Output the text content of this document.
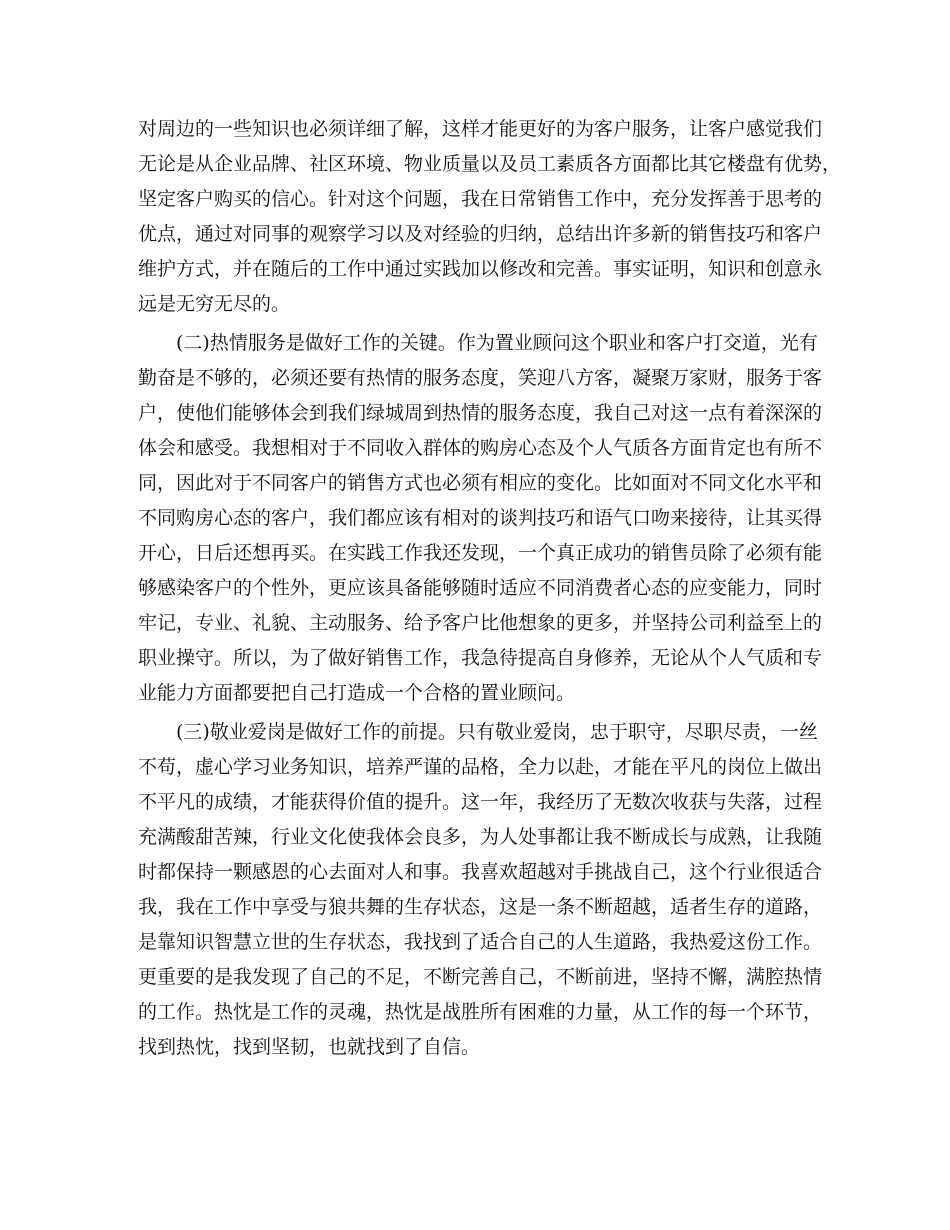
对周边的一些知识也必须详细了解，这样才能更好的为客户服务，让客户感觉我们
无论是从企业品牌、社区环境、物业质量以及员工素质各方面都比其它楼盘有优势，
坚定客户购买的信心。针对这个问题，我在日常销售工作中，充分发挥善于思考的
优点，通过对同事的观察学习以及对经验的归纳，总结出许多新的销售技巧和客户
维护方式，并在随后的工作中通过实践加以修改和完善。事实证明，知识和创意永
远是无穷无尽的。
　　(二)热情服务是做好工作的关键。作为置业顾问这个职业和客户打交道，光有
勤奋是不够的，必须还要有热情的服务态度，笑迎八方客，凝聚万家财，服务于客
户，使他们能够体会到我们绿城周到热情的服务态度，我自己对这一点有着深深的
体会和感受。我想相对于不同收入群体的购房心态及个人气质各方面肯定也有所不
同，因此对于不同客户的销售方式也必须有相应的变化。比如面对不同文化水平和
不同购房心态的客户，我们都应该有相对的谈判技巧和语气口吻来接待，让其买得
开心，日后还想再买。在实践工作我还发现，一个真正成功的销售员除了必须有能
够感染客户的个性外，更应该具备能够随时适应不同消费者心态的应变能力，同时
牢记，专业、礼貌、主动服务、给予客户比他想象的更多，并坚持公司利益至上的
职业操守。所以，为了做好销售工作，我急待提高自身修养，无论从个人气质和专
业能力方面都要把自己打造成一个合格的置业顾问。
　　(三)敬业爱岗是做好工作的前提。只有敬业爱岗，忠于职守，尽职尽责，一丝
不苟，虚心学习业务知识，培养严谨的品格，全力以赴，才能在平凡的岗位上做出
不平凡的成绩，才能获得价值的提升。这一年，我经历了无数次收获与失落，过程
充满酸甜苦辣，行业文化使我体会良多，为人处事都让我不断成长与成熟，让我随
时都保持一颗感恩的心去面对人和事。我喜欢超越对手挑战自己，这个行业很适合
我，我在工作中享受与狼共舞的生存状态，这是一条不断超越，适者生存的道路，
是靠知识智慧立世的生存状态，我找到了适合自己的人生道路，我热爱这份工作。
更重要的是我发现了自己的不足，不断完善自己，不断前进，坚持不懈，满腔热情
的工作。热忱是工作的灵魂，热忱是战胜所有困难的力量，从工作的每一个环节，
找到热忱，找到坚韧，也就找到了自信。
